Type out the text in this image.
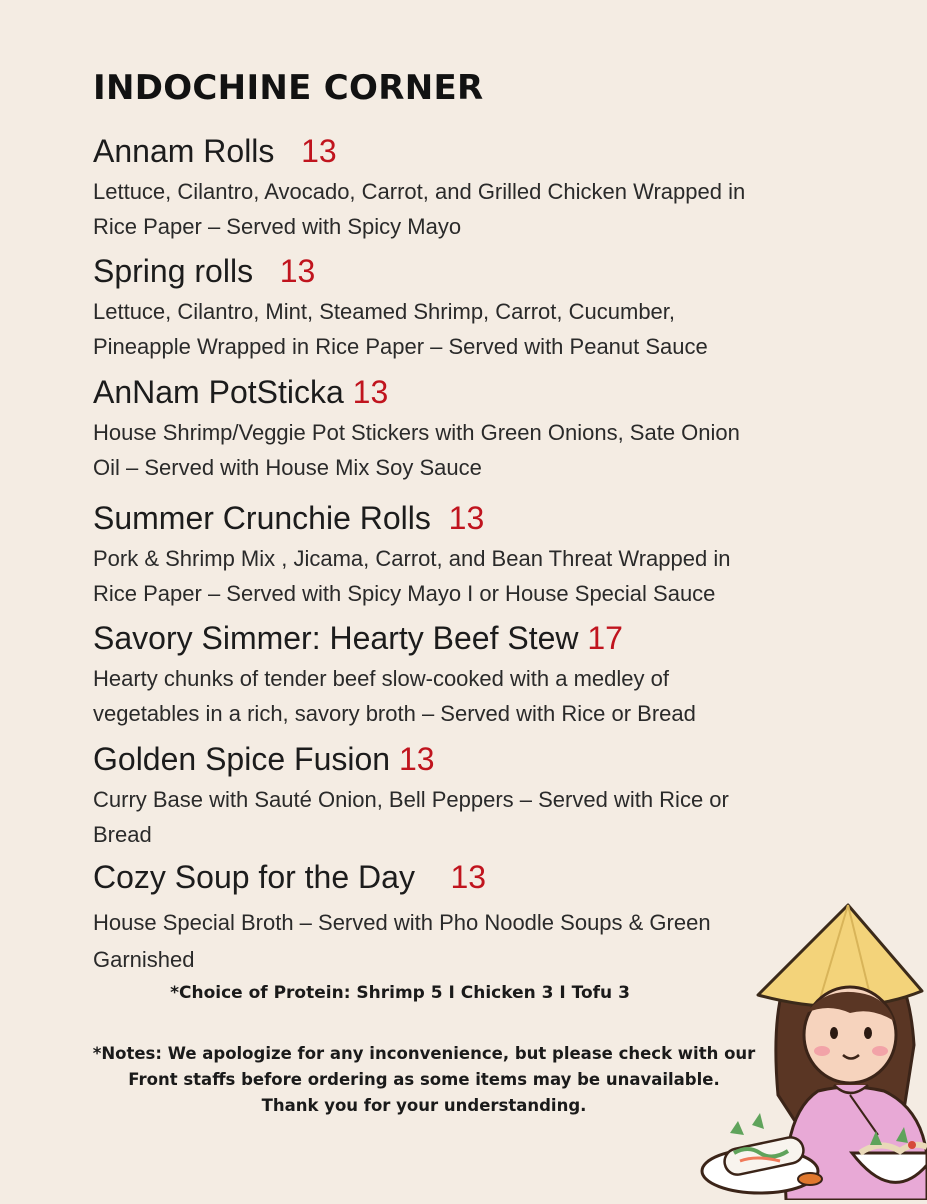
INDOCHINE CORNER
Annam Rolls 13
Lettuce, Cilantro, Avocado, Carrot, and Grilled Chicken Wrapped in
Rice Paper – Served with Spicy Mayo
Spring rolls 13
Lettuce, Cilantro, Mint, Steamed Shrimp, Carrot, Cucumber,
Pineapple Wrapped in Rice Paper – Served with Peanut Sauce
AnNam PotSticka 13
House Shrimp/Veggie Pot Stickers with Green Onions, Sate Onion
Oil – Served with House Mix Soy Sauce
Summer Crunchie Rolls 13
Pork & Shrimp Mix , Jicama, Carrot, and Bean Threat Wrapped in
Rice Paper – Served with Spicy Mayo I or House Special Sauce
Savory Simmer: Hearty Beef Stew 17
Hearty chunks of tender beef slow-cooked with a medley of
vegetables in a rich, savory broth – Served with Rice or Bread
Golden Spice Fusion 13
Curry Base with Sauté Onion, Bell Peppers – Served with Rice or
Bread
Cozy Soup for the Day 13
House Special Broth – Served with Pho Noodle Soups & Green
Garnished
*Choice of Protein: Shrimp 5 I Chicken 3 I Tofu 3
*Notes: We apologize for any inconvenience, but please check with our
Front staffs before ordering as some items may be unavailable.
Thank you for your understanding.
